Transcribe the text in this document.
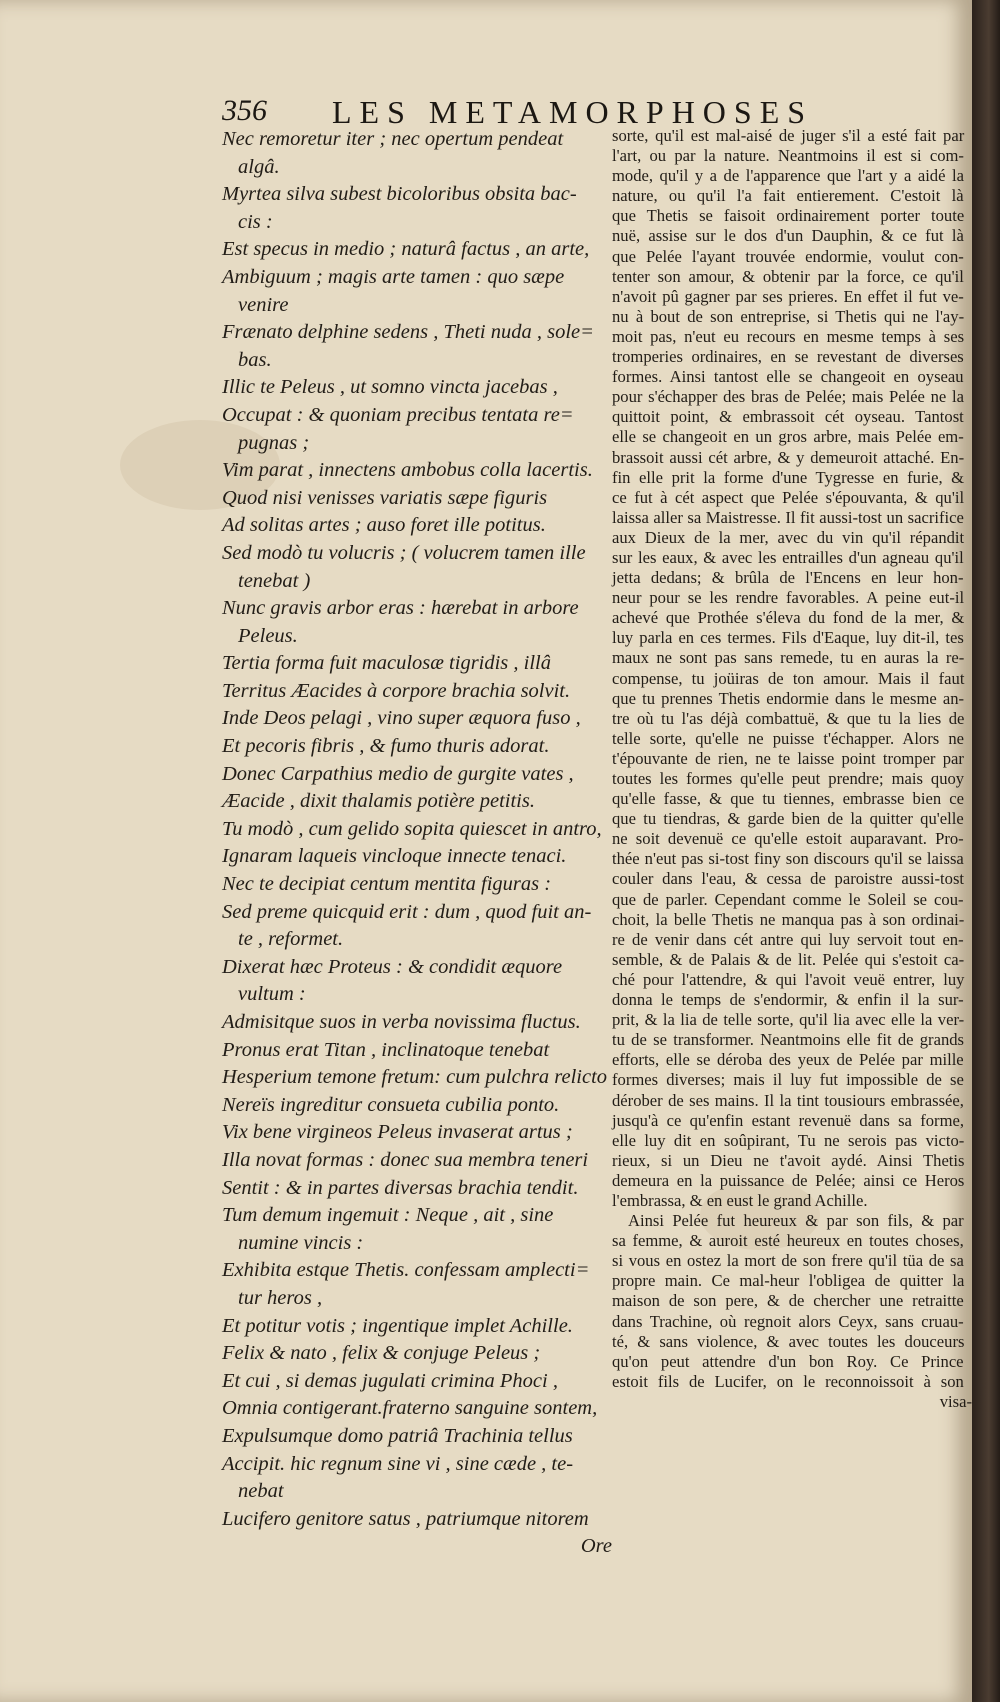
356 LES METAMORPHOSES
Nec remoretur iter ; nec opertum pendeat
algâ.
Myrtea silva subest bicoloribus obsita bac-
cis :
Est specus in medio ; naturâ factus , an arte,
Ambiguum ; magis arte tamen : quo sæpe
venire
Frænato delphine sedens , Theti nuda , sole=
bas.
Illic te Peleus , ut somno vincta jacebas ,
Occupat : & quoniam precibus tentata re=
pugnas ;
Vim parat , innectens ambobus colla lacertis.
Quod nisi venisses variatis sæpe figuris
Ad solitas artes ; auso foret ille potitus.
Sed modò tu volucris ; ( volucrem tamen ille
tenebat )
Nunc gravis arbor eras : hærebat in arbore
Peleus.
Tertia forma fuit maculosæ tigridis , illâ
Territus Æacides à corpore brachia solvit.
Inde Deos pelagi , vino super æquora fuso ,
Et pecoris fibris , & fumo thuris adorat.
Donec Carpathius medio de gurgite vates ,
Æacide , dixit thalamis potière petitis.
Tu modò , cum gelido sopita quiescet in antro,
Ignaram laqueis vincloque innecte tenaci.
Nec te decipiat centum mentita figuras :
Sed preme quicquid erit : dum , quod fuit an-
te , reformet.
Dixerat hæc Proteus : & condidit æquore
vultum :
Admisitque suos in verba novissima fluctus.
Pronus erat Titan , inclinatoque tenebat
Hesperium temone fretum: cum pulchra relicto
Nereïs ingreditur consueta cubilia ponto.
Vix bene virgineos Peleus invaserat artus ;
Illa novat formas : donec sua membra teneri
Sentit : & in partes diversas brachia tendit.
Tum demum ingemuit : Neque , ait , sine
numine vincis :
Exhibita estque Thetis. confessam amplecti=
tur heros ,
Et potitur votis ; ingentique implet Achille.
Felix & nato , felix & conjuge Peleus ;
Et cui , si demas jugulati crimina Phoci ,
Omnia contigerant.fraterno sanguine sontem,
Expulsumque domo patriâ Trachinia tellus
Accipit. hic regnum sine vi , sine cæde , te-
nebat
Lucifero genitore satus , patriumque nitorem
Ore
sorte, qu'il est mal-aisé de juger s'il a esté fait par
l'art, ou par la nature. Neantmoins il est si com-
mode, qu'il y a de l'apparence que l'art y a aidé la
nature, ou qu'il l'a fait entierement. C'estoit là
que Thetis se faisoit ordinairement porter toute
nuë, assise sur le dos d'un Dauphin, & ce fut là
que Pelée l'ayant trouvée endormie, voulut con-
tenter son amour, & obtenir par la force, ce qu'il
n'avoit pû gagner par ses prieres. En effet il fut ve-
nu à bout de son entreprise, si Thetis qui ne l'ay-
moit pas, n'eut eu recours en mesme temps à ses
tromperies ordinaires, en se revestant de diverses
formes. Ainsi tantost elle se changeoit en oyseau
pour s'échapper des bras de Pelée; mais Pelée ne la
quittoit point, & embrassoit cét oyseau. Tantost
elle se changeoit en un gros arbre, mais Pelée em-
brassoit aussi cét arbre, & y demeuroit attaché. En-
fin elle prit la forme d'une Tygresse en furie, &
ce fut à cét aspect que Pelée s'épouvanta, & qu'il
laissa aller sa Maistresse. Il fit aussi-tost un sacrifice
aux Dieux de la mer, avec du vin qu'il répandit
sur les eaux, & avec les entrailles d'un agneau qu'il
jetta dedans; & brûla de l'Encens en leur hon-
neur pour se les rendre favorables. A peine eut-il
achevé que Prothée s'éleva du fond de la mer, &
luy parla en ces termes. Fils d'Eaque, luy dit-il, tes
maux ne sont pas sans remede, tu en auras la re-
compense, tu joüiras de ton amour. Mais il faut
que tu prennes Thetis endormie dans le mesme an-
tre où tu l'as déjà combattuë, & que tu la lies de
telle sorte, qu'elle ne puisse t'échapper. Alors ne
t'épouvante de rien, ne te laisse point tromper par
toutes les formes qu'elle peut prendre; mais quoy
qu'elle fasse, & que tu tiennes, embrasse bien ce
que tu tiendras, & garde bien de la quitter qu'elle
ne soit devenuë ce qu'elle estoit auparavant. Pro-
thée n'eut pas si-tost finy son discours qu'il se laissa
couler dans l'eau, & cessa de paroistre aussi-tost
que de parler. Cependant comme le Soleil se cou-
choit, la belle Thetis ne manqua pas à son ordinai-
re de venir dans cét antre qui luy servoit tout en-
semble, & de Palais & de lit. Pelée qui s'estoit ca-
ché pour l'attendre, & qui l'avoit veuë entrer, luy
donna le temps de s'endormir, & enfin il la sur-
prit, & la lia de telle sorte, qu'il lia avec elle la ver-
tu de se transformer. Neantmoins elle fit de grands
efforts, elle se déroba des yeux de Pelée par mille
formes diverses; mais il luy fut impossible de se
dérober de ses mains. Il la tint tousiours embrassée,
jusqu'à ce qu'enfin estant revenuë dans sa forme,
elle luy dit en soûpirant, Tu ne serois pas victo-
rieux, si un Dieu ne t'avoit aydé. Ainsi Thetis
demeura en la puissance de Pelée; ainsi ce Heros
l'embrassa, & en eust le grand Achille.
Ainsi Pelée fut heureux & par son fils, & par
sa femme, & auroit esté heureux en toutes choses,
si vous en ostez la mort de son frere qu'il tüa de sa
propre main. Ce mal-heur l'obligea de quitter la
maison de son pere, & de chercher une retraitte
dans Trachine, où regnoit alors Ceyx, sans cruau-
té, & sans violence, & avec toutes les douceurs
qu'on peut attendre d'un bon Roy. Ce Prince
estoit fils de Lucifer, on le reconnoissoit à son
visa-
